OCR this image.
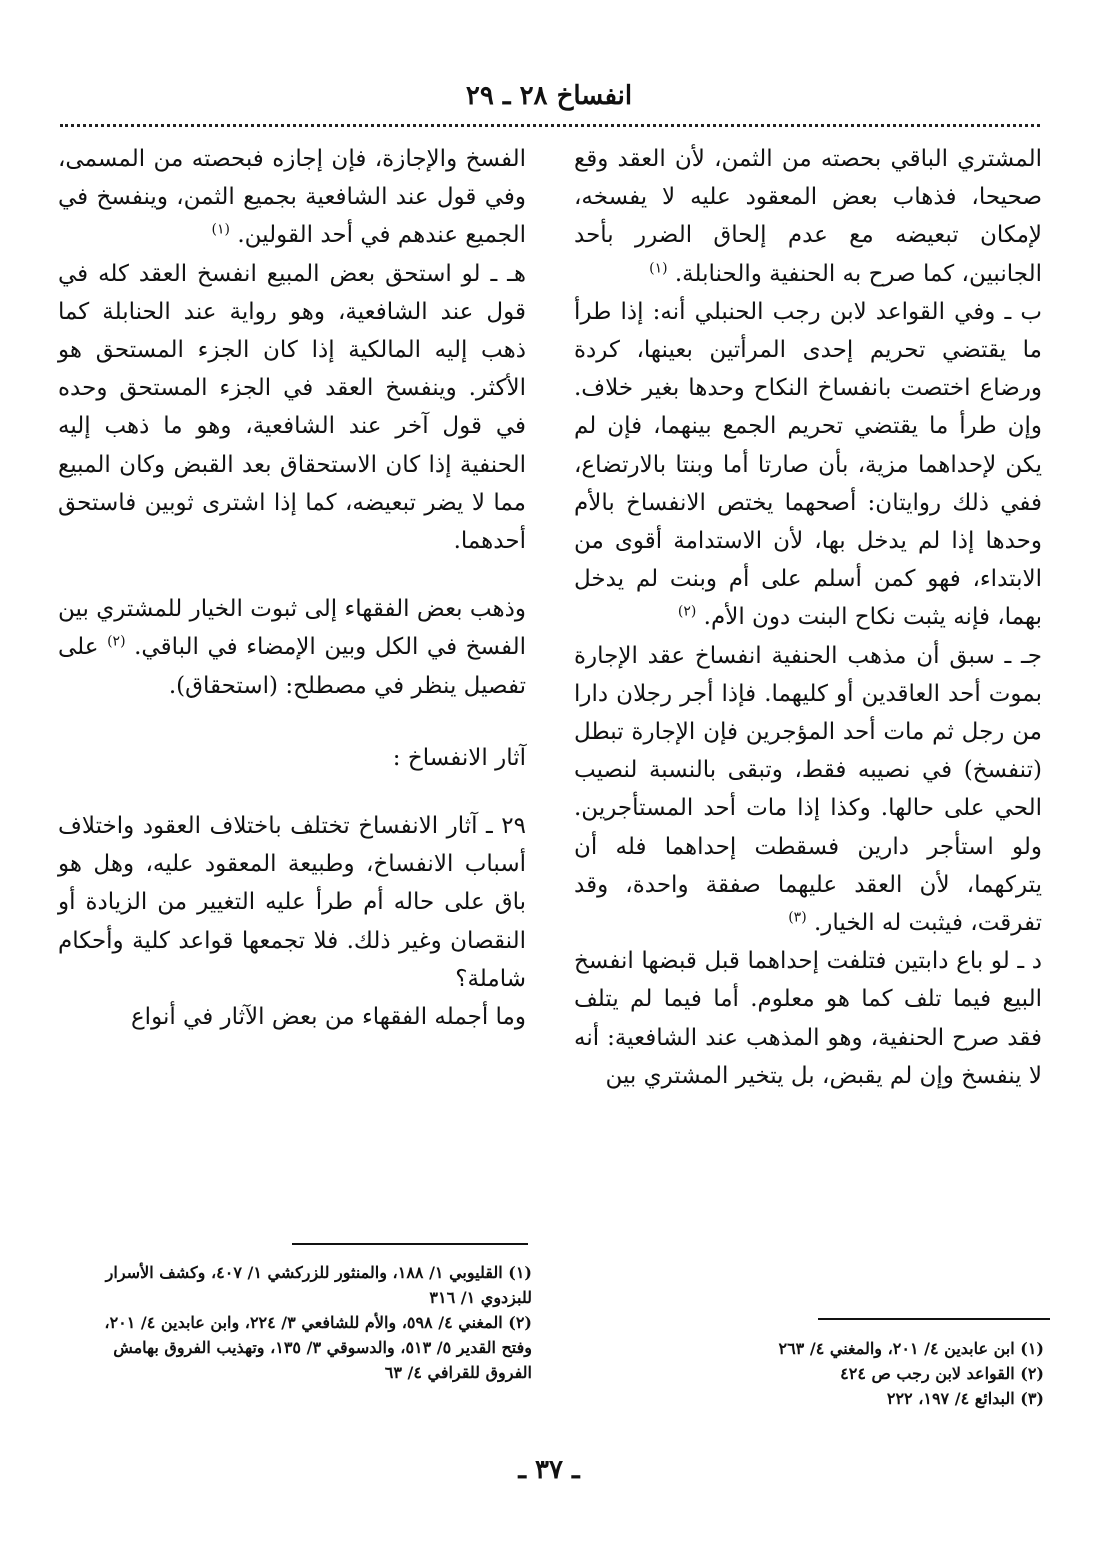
انفساخ ٢٨ ـ ٢٩

المشتري الباقي بحصته من الثمن، لأن العقد وقع صحيحا، فذهاب بعض المعقود عليه لا يفسخه، لإمكان تبعيضه مع عدم إلحاق الضرر بأحد الجانبين، كما صرح به الحنفية والحنابلة. $^{(١)}$

ب ـ وفي القواعد لابن رجب الحنبلي أنه: إذا طرأ ما يقتضي تحريم إحدى المرأتين بعينها، كردة ورضاع اختصت بانفساخ النكاح وحدها بغير خلاف. وإن طرأ ما يقتضي تحريم الجمع بينهما، فإن لم يكن لإحداهما مزية، بأن صارتا أما وبنتا بالارتضاع، ففي ذلك روايتان: أصحهما يختص الانفساخ بالأم وحدها إذا لم يدخل بها، لأن الاستدامة أقوى من الابتداء، فهو كمن أسلم على أم وبنت لم يدخل بهما، فإنه يثبت نكاح البنت دون الأم. $^{(٢)}$

جـ ـ سبق أن مذهب الحنفية انفساخ عقد الإجارة بموت أحد العاقدين أو كليهما. فإذا أجر رجلان دارا من رجل ثم مات أحد المؤجرين فإن الإجارة تبطل (تنفسخ) في نصيبه فقط، وتبقى بالنسبة لنصيب الحي على حالها. وكذا إذا مات أحد المستأجرين. ولو استأجر دارين فسقطت إحداهما فله أن يتركهما، لأن العقد عليهما صفقة واحدة، وقد تفرقت، فيثبت له الخيار. $^{(٣)}$

د ـ لو باع دابتين فتلفت إحداهما قبل قبضها انفسخ البيع فيما تلف كما هو معلوم. أما فيما لم يتلف فقد صرح الحنفية، وهو المذهب عند الشافعية: أنه لا ينفسخ وإن لم يقبض، بل يتخير المشتري بين

الفسخ والإجازة، فإن إجازه فبحصته من المسمى، وفي قول عند الشافعية بجميع الثمن، وينفسخ في الجميع عندهم في أحد القولين. $^{(١)}$

هـ ـ لو استحق بعض المبيع انفسخ العقد كله في قول عند الشافعية، وهو رواية عند الحنابلة كما ذهب إليه المالكية إذا كان الجزء المستحق هو الأكثر. وينفسخ العقد في الجزء المستحق وحده في قول آخر عند الشافعية، وهو ما ذهب إليه الحنفية إذا كان الاستحقاق بعد القبض وكان المبيع مما لا يضر تبعيضه، كما إذا اشترى ثوبين فاستحق أحدهما.

وذهب بعض الفقهاء إلى ثبوت الخيار للمشتري بين الفسخ في الكل وبين الإمضاء في الباقي. $^{(٢)}$ على تفصيل ينظر في مصطلح: (استحقاق).

آثار الانفساخ :

٢٩ ـ آثار الانفساخ تختلف باختلاف العقود واختلاف أسباب الانفساخ، وطبيعة المعقود عليه، وهل هو باق على حاله أم طرأ عليه التغيير من الزيادة أو النقصان وغير ذلك. فلا تجمعها قواعد كلية وأحكام شاملة؟

وما أجمله الفقهاء من بعض الآثار في أنواع

(١) ابن عابدين ٤/ ٢٠١، والمغني ٤/ ٢٦٣

(٢) القواعد لابن رجب ص ٤٢٤

(٣) البدائع ٤/ ١٩٧، ٢٢٢

(١) القليوبي ١/ ١٨٨، والمنثور للزركشي ١/ ٤٠٧، وكشف الأسرار للبزدوي ١/ ٣١٦

(٢) المغني ٤/ ٥٩٨، والأم للشافعي ٣/ ٢٢٤، وابن عابدين ٤/ ٢٠١، وفتح القدير ٥/ ٥١٣، والدسوقي ٣/ ١٣٥، وتهذيب الفروق بهامش الفروق للقرافي ٤/ ٦٣

ـ ٣٧ ـ
